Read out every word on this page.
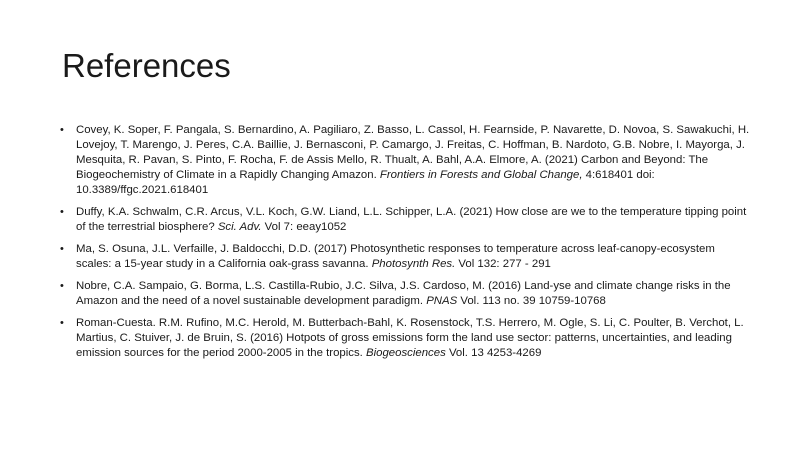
References
• Covey, K. Soper, F. Pangala, S. Bernardino, A. Pagiliaro, Z. Basso, L. Cassol, H. Fearnside, P. Navarette, D. Novoa, S. Sawakuchi, H. Lovejoy, T. Marengo, J. Peres, C.A. Baillie, J. Bernasconi, P. Camargo, J. Freitas, C. Hoffman, B. Nardoto, G.B. Nobre, I. Mayorga, J. Mesquita, R. Pavan, S. Pinto, F. Rocha, F. de Assis Mello, R. Thualt, A. Bahl, A.A. Elmore, A. (2021) Carbon and Beyond: The Biogeochemistry of Climate in a Rapidly Changing Amazon. Frontiers in Forests and Global Change, 4:618401 doi: 10.3389/ffgc.2021.618401
• Duffy, K.A. Schwalm, C.R. Arcus, V.L. Koch, G.W. Liand, L.L. Schipper, L.A. (2021) How close are we to the temperature tipping point of the terrestrial biosphere? Sci. Adv. Vol 7: eeay1052
• Ma, S. Osuna, J.L. Verfaille, J. Baldocchi, D.D. (2017) Photosynthetic responses to temperature across leaf-canopy-ecosystem scales: a 15-year study in a California oak-grass savanna. Photosynth Res. Vol 132: 277 - 291
• Nobre, C.A. Sampaio, G. Borma, L.S. Castilla-Rubio, J.C. Silva, J.S. Cardoso, M. (2016) Land-yse and climate change risks in the Amazon and the need of a novel sustainable development paradigm. PNAS Vol. 113 no. 39 10759-10768
• Roman-Cuesta. R.M. Rufino, M.C. Herold, M. Butterbach-Bahl, K. Rosenstock, T.S. Herrero, M. Ogle, S. Li, C. Poulter, B. Verchot, L. Martius, C. Stuiver, J. de Bruin, S. (2016) Hotpots of gross emissions form the land use sector: patterns, uncertainties, and leading emission sources for the period 2000-2005 in the tropics. Biogeosciences Vol. 13 4253-4269
